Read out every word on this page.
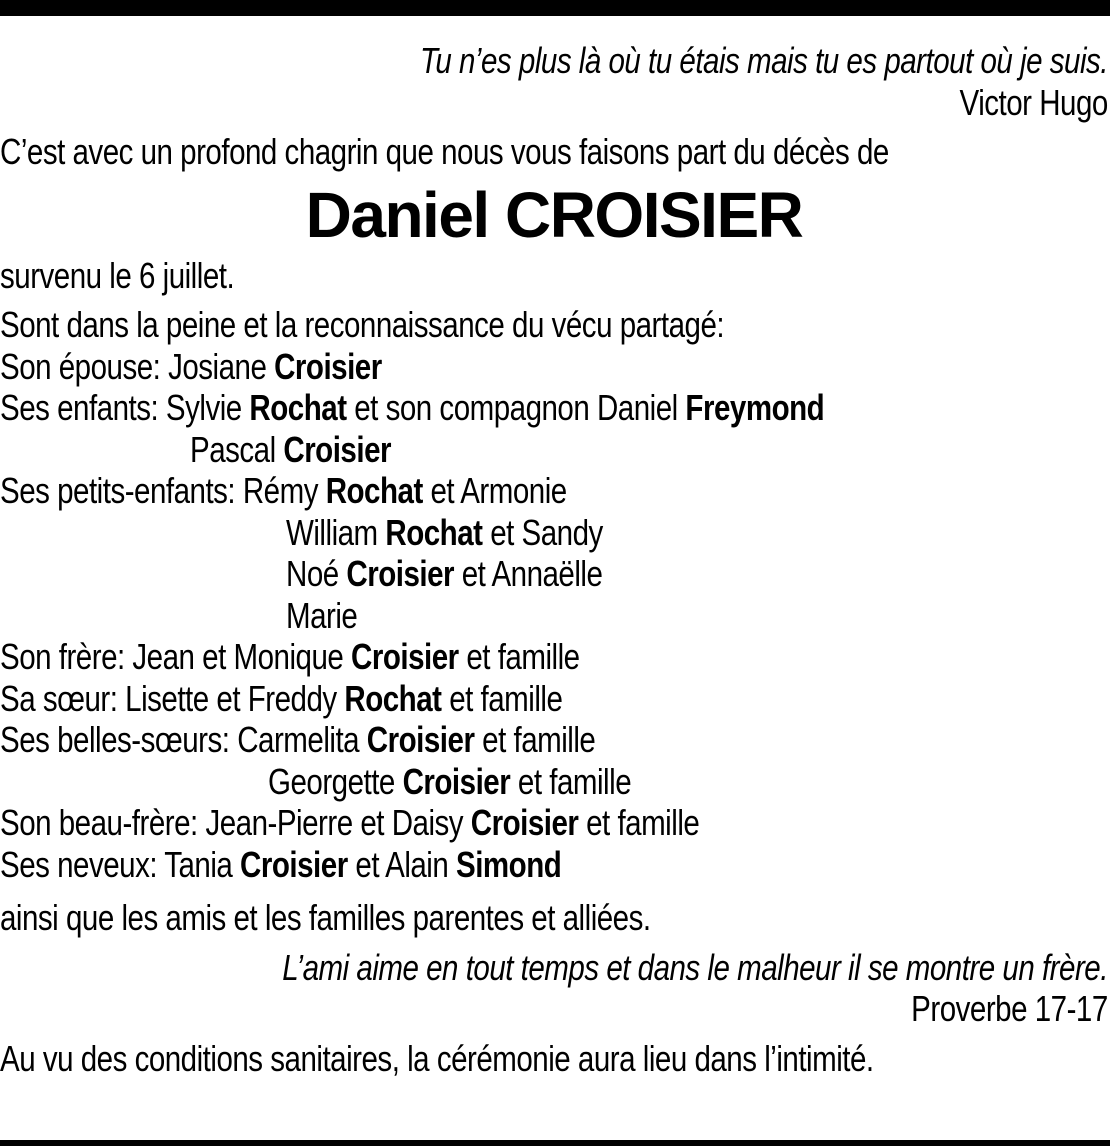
Tu n’es plus là où tu étais mais tu es partout où je suis.
Victor Hugo
C’est avec un profond chagrin que nous vous faisons part du décès de
Daniel CROISIER
survenu le 6 juillet.
Sont dans la peine et la reconnaissance du vécu partagé:
Son épouse: Josiane Croisier
Ses enfants: Sylvie Rochat et son compagnon Daniel Freymond
Pascal Croisier
Ses petits-enfants: Rémy Rochat et Armonie
William Rochat et Sandy
Noé Croisier et Annaëlle
Marie
Son frère: Jean et Monique Croisier et famille
Sa sœur: Lisette et Freddy Rochat et famille
Ses belles-sœurs: Carmelita Croisier et famille
Georgette Croisier et famille
Son beau-frère: Jean-Pierre et Daisy Croisier et famille
Ses neveux: Tania Croisier et Alain Simond
ainsi que les amis et les familles parentes et alliées.
L’ami aime en tout temps et dans le malheur il se montre un frère.
Proverbe 17-17
Au vu des conditions sanitaires, la cérémonie aura lieu dans l’intimité.
